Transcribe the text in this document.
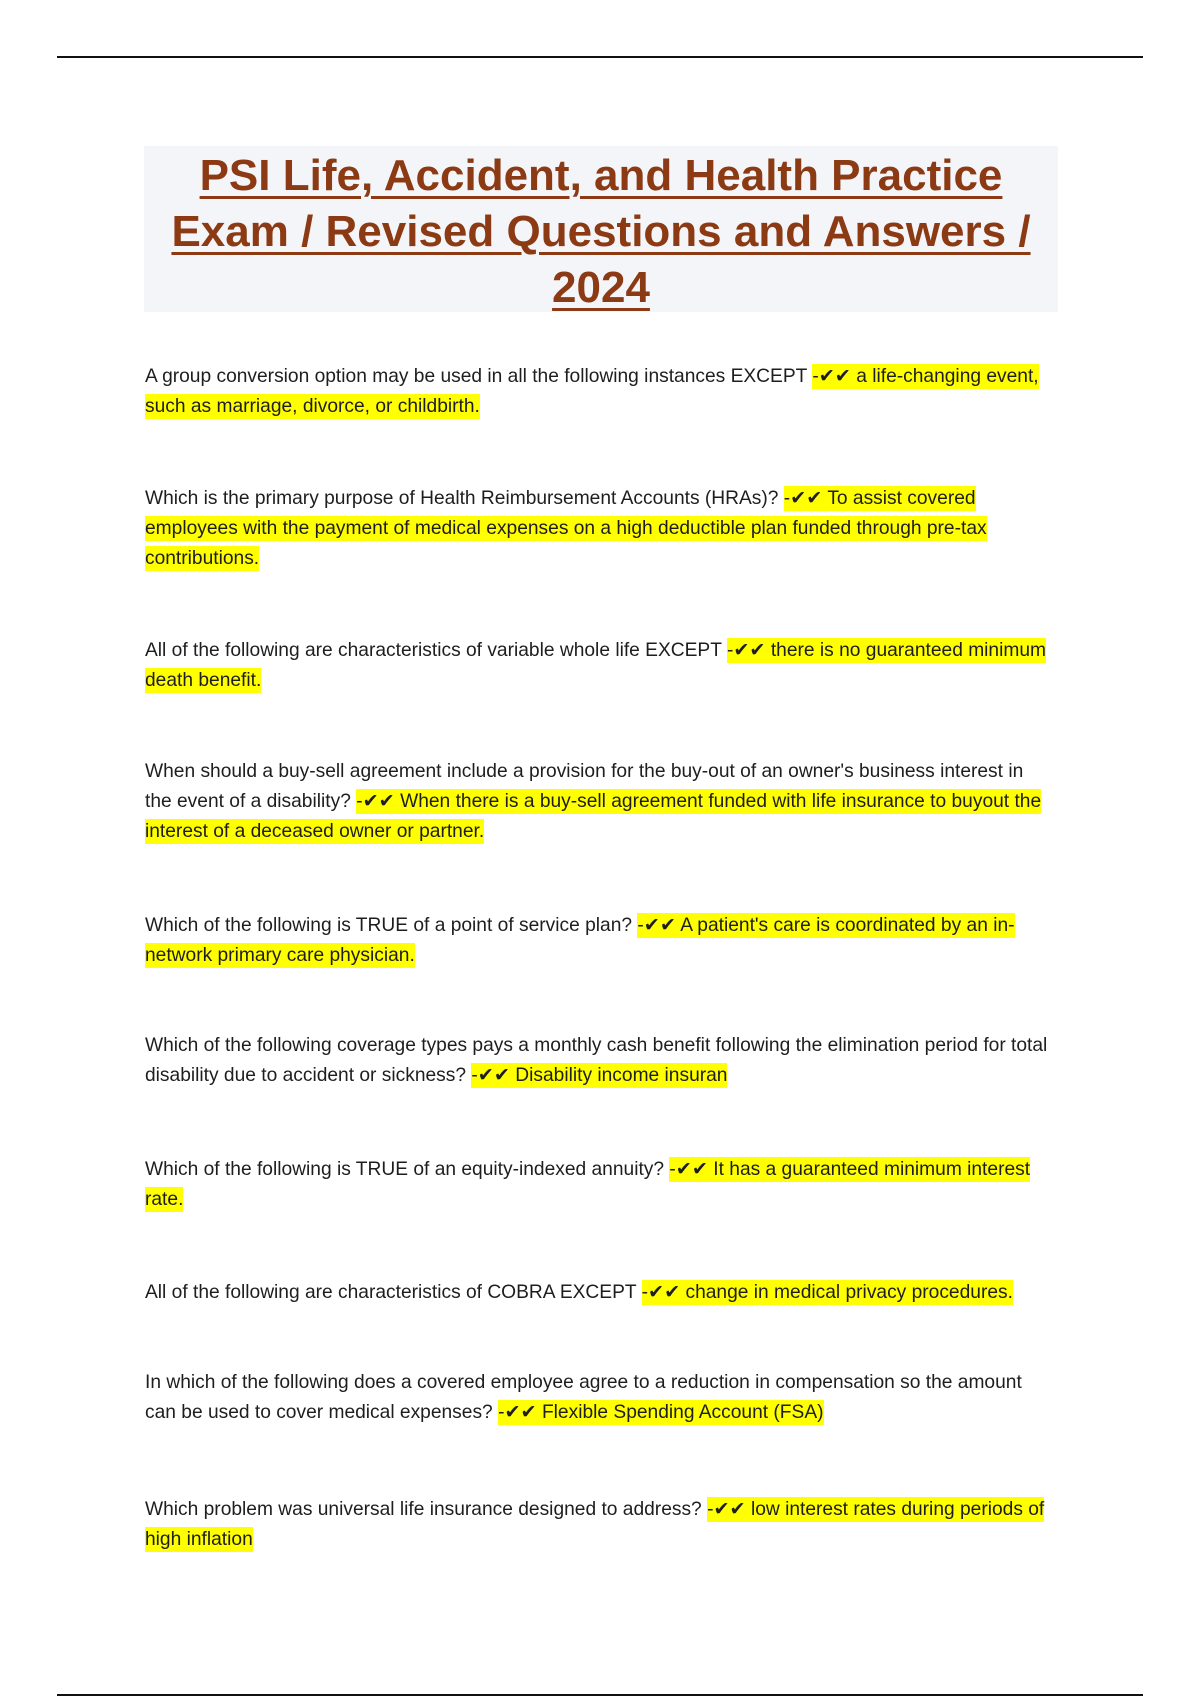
PSI Life, Accident, and Health Practice Exam / Revised Questions and Answers / 2024

A group conversion option may be used in all the following instances EXCEPT -✔✔ a life-changing event, such as marriage, divorce, or childbirth.

Which is the primary purpose of Health Reimbursement Accounts (HRAs)? -✔✔ To assist covered employees with the payment of medical expenses on a high deductible plan funded through pre-tax contributions.

All of the following are characteristics of variable whole life EXCEPT -✔✔ there is no guaranteed minimum death benefit.

When should a buy-sell agreement include a provision for the buy-out of an owner's business interest in the event of a disability? -✔✔ When there is a buy-sell agreement funded with life insurance to buyout the interest of a deceased owner or partner.

Which of the following is TRUE of a point of service plan? -✔✔ A patient's care is coordinated by an in-network primary care physician.

Which of the following coverage types pays a monthly cash benefit following the elimination period for total disability due to accident or sickness? -✔✔ Disability income insuran

Which of the following is TRUE of an equity-indexed annuity? -✔✔ It has a guaranteed minimum interest rate.

All of the following are characteristics of COBRA EXCEPT -✔✔ change in medical privacy procedures.

In which of the following does a covered employee agree to a reduction in compensation so the amount can be used to cover medical expenses? -✔✔ Flexible Spending Account (FSA)

Which problem was universal life insurance designed to address? -✔✔ low interest rates during periods of high inflation
